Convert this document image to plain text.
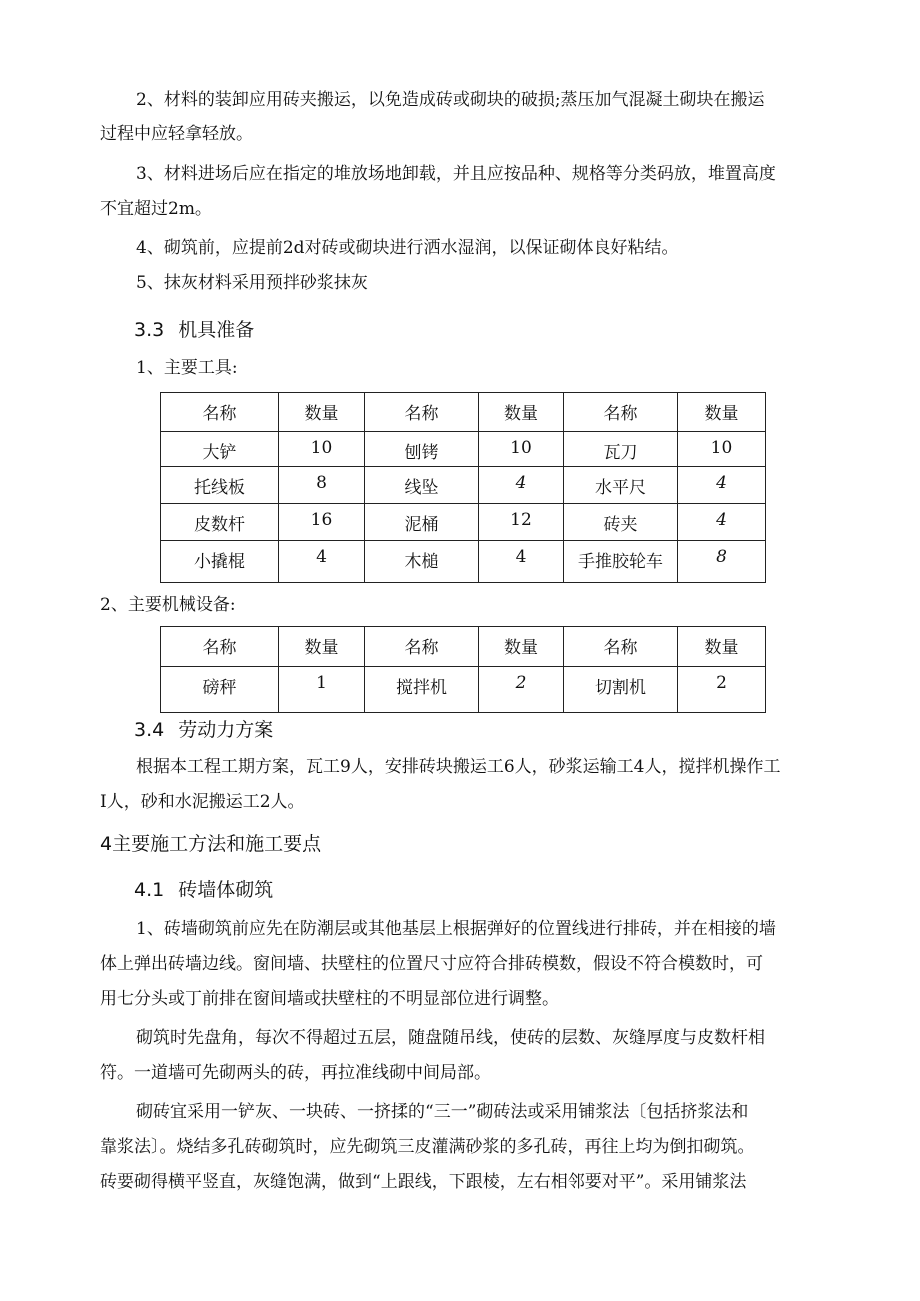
2、材料的装卸应用砖夹搬运，以免造成砖或砌块的破损;蒸压加气混凝土砌块在搬运
过程中应轻拿轻放。
3、材料进场后应在指定的堆放场地卸载，并且应按品种、规格等分类码放，堆置高度
不宜超过2m。
4、砌筑前，应提前2d对砖或砌块进行洒水湿润，以保证砌体良好粘结。
5、抹灰材料采用预拌砂浆抹灰
3.3 机具准备
1、主要工具:
名称	数量	名称	数量	名称	数量
大铲	10	刨铐	10	瓦刀	10
托线板	8	线坠	4	水平尺	4
皮数杆	16	泥桶	12	砖夹	4
小撬棍	4	木槌	4	手推胶轮车	8
2、主要机械设备:
名称	数量	名称	数量	名称	数量
磅秤	1	搅拌机	2	切割机	2
3.4 劳动力方案
根据本工程工期方案，瓦工9人，安排砖块搬运工6人，砂浆运输工4人，搅拌机操作工
I人，砂和水泥搬运工2人。
4主要施工方法和施工要点
4.1 砖墙体砌筑
1、砖墙砌筑前应先在防潮层或其他基层上根据弹好的位置线进行排砖，并在相接的墙
体上弹出砖墙边线。窗间墙、扶壁柱的位置尺寸应符合排砖模数，假设不符合模数时，可
用七分头或丁前排在窗间墙或扶壁柱的不明显部位进行调整。
砌筑时先盘角，每次不得超过五层，随盘随吊线，使砖的层数、灰缝厚度与皮数杆相
符。一道墙可先砌两头的砖，再拉准线砌中间局部。
砌砖宜采用一铲灰、一块砖、一挤揉的“三一”砌砖法或采用铺浆法〔包括挤浆法和
靠浆法〕。烧结多孔砖砌筑时，应先砌筑三皮灌满砂浆的多孔砖，再往上均为倒扣砌筑。
砖要砌得横平竖直，灰缝饱满，做到“上跟线，下跟棱，左右相邻要对平”。采用铺浆法
